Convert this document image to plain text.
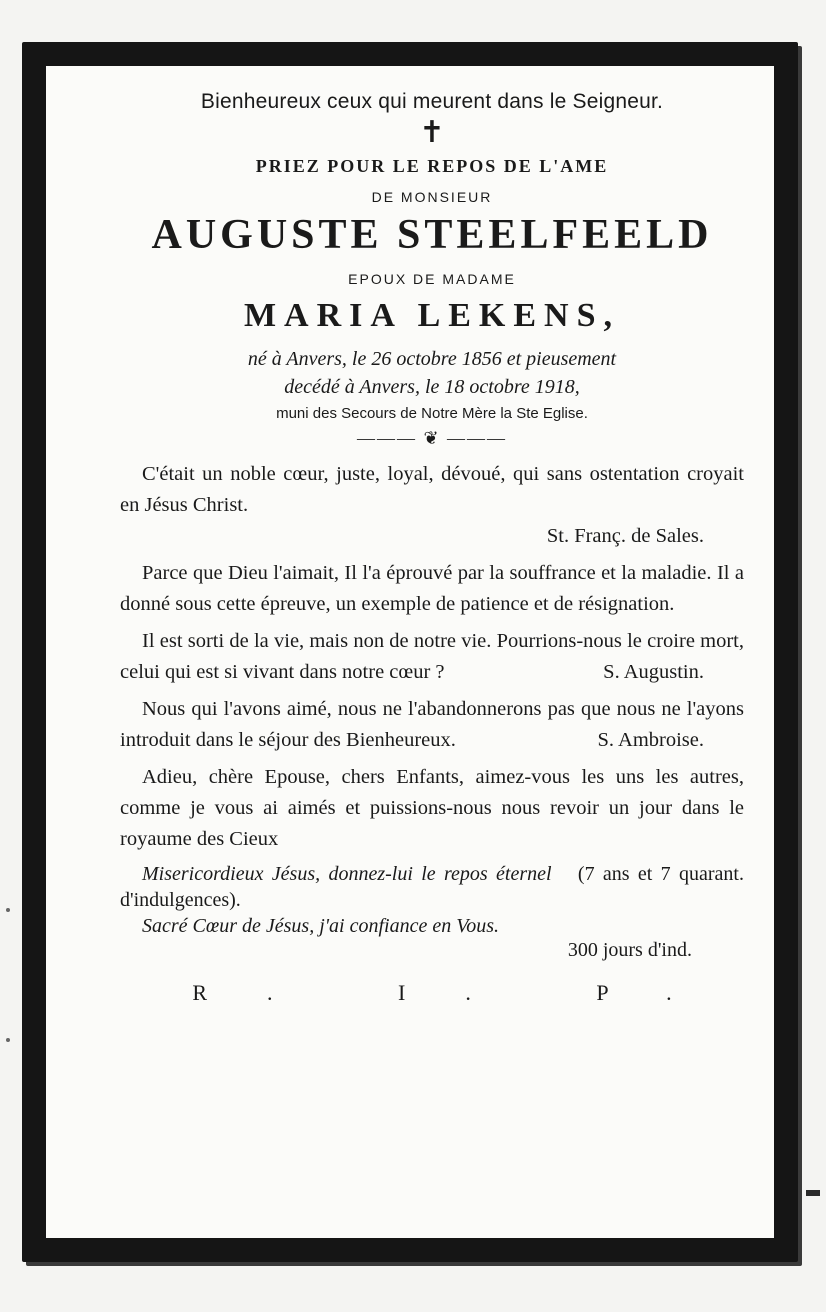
Bienheureux ceux qui meurent dans le Seigneur.
✝
PRIEZ POUR LE REPOS DE L'AME
DE MONSIEUR
AUGUSTE STEELFEELD
EPOUX DE MADAME
MARIA LEKENS,
né à Anvers, le 26 octobre 1856 et pieusement
decédé à Anvers, le 18 octobre 1918,
muni des Secours de Notre Mère la Ste Eglise.
——— ❦ ———
C'était un noble cœur, juste, loyal, dévoué, qui sans ostentation croyait en Jésus Christ.
St. Franç. de Sales.
Parce que Dieu l'aimait, Il l'a éprouvé par la souffrance et la maladie. Il a donné sous cette épreuve, un exemple de patience et de résignation.
Il est sorti de la vie, mais non de notre vie. Pourrions-nous le croire mort, celui qui est si vivant dans notre cœur ?	S. Augustin.
Nous qui l'avons aimé, nous ne l'abandonnerons pas que nous ne l'ayons introduit dans le séjour des Bienheureux.	S. Ambroise.
Adieu, chère Epouse, chers Enfants, aimez-vous les uns les autres, comme je vous ai aimés et puissions-nous nous revoir un jour dans le royaume des Cieux
Misericordieux Jésus, donnez-lui le repos éternel (7 ans et 7 quarant. d'indulgences).
Sacré Cœur de Jésus, j'ai confiance en Vous.
300 jours d'ind.
R. I. P.
